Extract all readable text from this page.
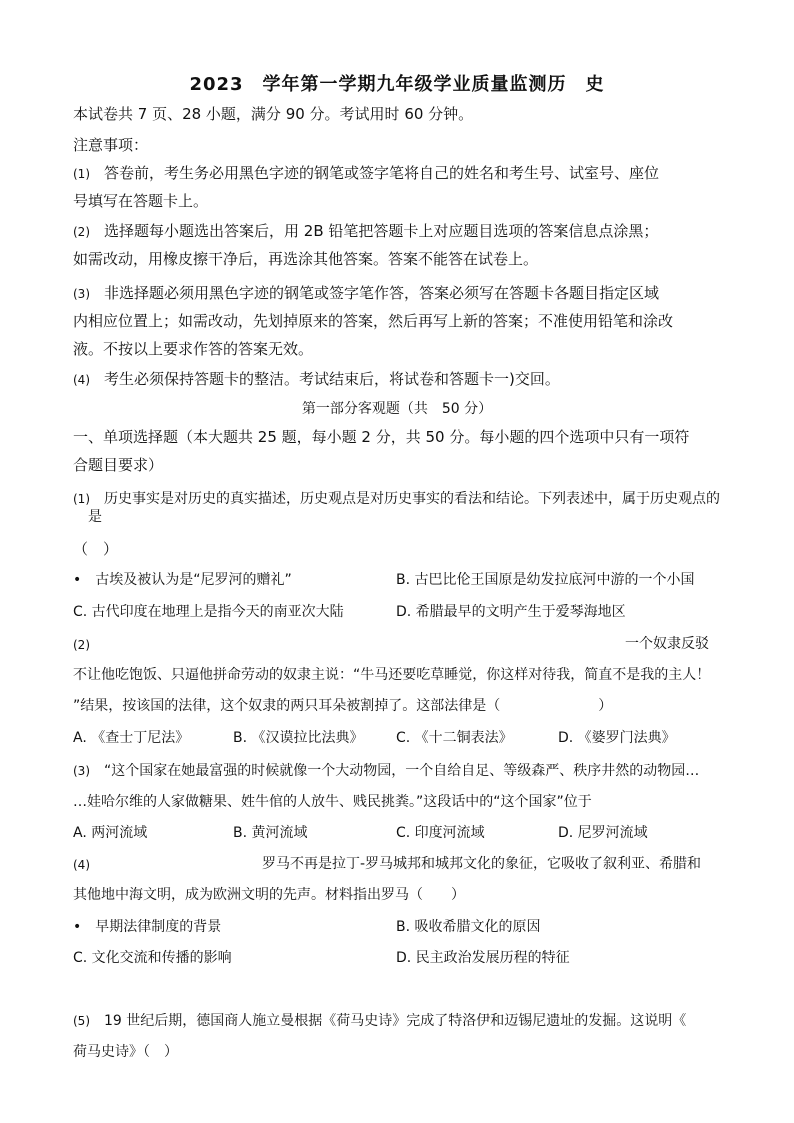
2023　学年第一学期九年级学业质量监测历　史
本试卷共 7 页、28 小题，满分 90 分。考试用时 60 分钟。
注意事项：
(1) 答卷前，考生务必用黑色字迹的钢笔或签字笔将自己的姓名和考生号、试室号、座位
号填写在答题卡上。
(2) 选择题每小题选出答案后，用 2B 铅笔把答题卡上对应题目选项的答案信息点涂黑；
如需改动，用橡皮擦干净后，再选涂其他答案。答案不能答在试卷上。
(3) 非选择题必须用黑色字迹的钢笔或签字笔作答，答案必须写在答题卡各题目指定区域
内相应位置上；如需改动，先划掉原来的答案，然后再写上新的答案；不准使用铅笔和涂改
液。不按以上要求作答的答案无效。
(4) 考生必须保持答题卡的整洁。考试结束后，将试卷和答题卡一)交回。
第一部分客观题（共　50 分）
一、单项选择题（本大题共 25 题，每小题 2 分，共 50 分。每小题的四个选项中只有一项符
合题目要求）
(1) 历史事实是对历史的真实描述，历史观点是对历史事实的看法和结论。下列表述中，属于历史观点的
是
（　）
•　古埃及被认为是“尼罗河的赠礼”	B. 古巴比伦王国原是幼发拉底河中游的一个小国
C. 古代印度在地理上是指今天的南亚次大陆	D. 希腊最早的文明产生于爱琴海地区
(2)	一个奴隶反驳
不让他吃饱饭、只逼他拼命劳动的奴隶主说：“牛马还要吃草睡觉，你这样对待我，简直不是我的主人！
”结果，按该国的法律，这个奴隶的两只耳朵被割掉了。这部法律是（　　　　　　　）
A. 《查士丁尼法》	B. 《汉谟拉比法典》 C. 《十二铜表法》	D. 《婆罗门法典》
(3) “这个国家在她最富强的时候就像一个大动物园，一个自给自足、等级森严、秩序井然的动物园…
…娃哈尔维的人家做糖果、姓牛倌的人放牛、贱民挑粪。”这段话中的“这个国家”位于
A. 两河流域	B. 黄河流域	C. 印度河流域	D. 尼罗河流域
(4)	罗马不再是拉丁-罗马城邦和城邦文化的象征，它吸收了叙利亚、希腊和
其他地中海文明，成为欧洲文明的先声。材料指出罗马（　　）
•　早期法律制度的背景	B. 吸收希腊文化的原因
C. 文化交流和传播的影响	D. 民主政治发展历程的特征
(5) 19 世纪后期，德国商人施立曼根据《荷马史诗》完成了特洛伊和迈锡尼遗址的发掘。这说明《
荷马史诗》（　）
